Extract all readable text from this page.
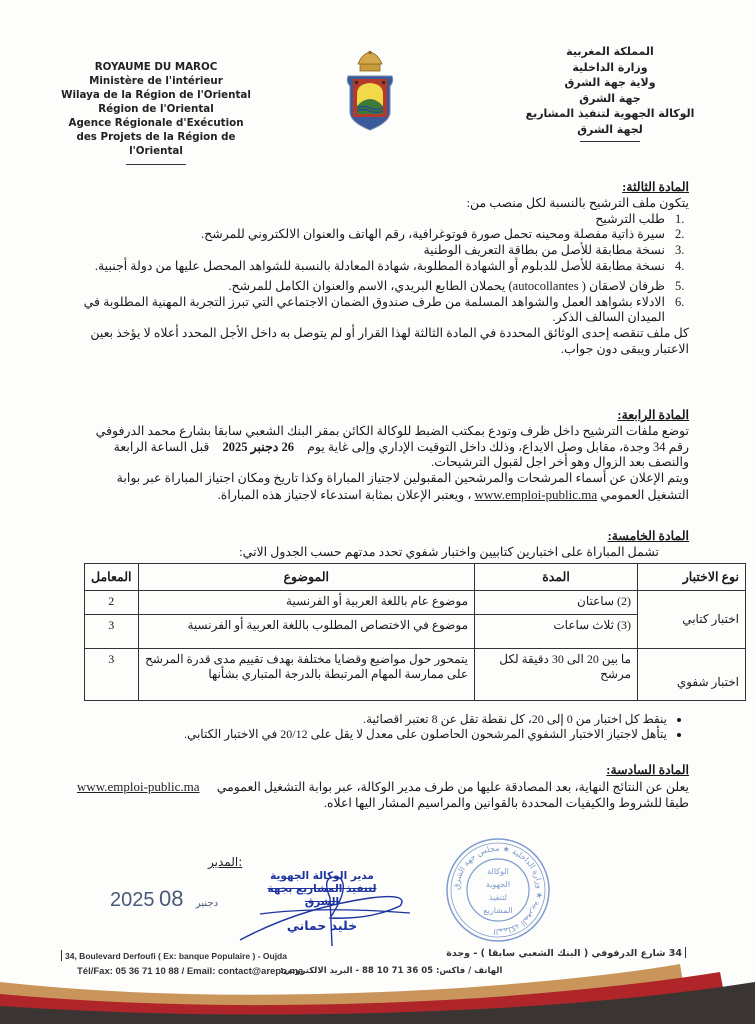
ROYAUME DU MAROC
Ministère de l'intérieur
Wilaya de la Région de l'Oriental
Région de l'Oriental
Agence Régionale d'Exécution
des Projets de la Région de l'Oriental
المملكة المغربية
وزارة الداخلية
ولاية جهة الشرق
جهة الشرق
الوكالة الجهوية لتنفيذ المشاريع
لجهة الشرق
المادة الثالثة:
يتكون ملف الترشيح بالنسبة لكل منصب من:
1.
طلب الترشيح
2.
سيرة ذاتية مفصلة ومحينه تحمل صورة فوتوغرافية، رقم الهاتف والعنوان الالكتروني للمرشح.
3.
نسخة مطابقة للأصل من بطاقة التعريف الوطنية
4.
نسخة مطابقة للأصل للدبلوم أو الشهادة المطلوبة، شهادة المعادلة بالنسبة للشواهد المحصل عليها من دولة أجنبية.
5.
ظرفان لاصقان ( autocollantes) يحملان الطابع البريدي، الاسم والعنوان الكامل للمرشح.
6.
الادلاء بشواهد العمل والشواهد المسلمة من طرف صندوق الضمان الاجتماعي التي تبرز التجربة المهنية المطلوبة في الميدان السالف الذكر.
كل ملف تنقصه إحدى الوثائق المحددة في المادة الثالثة لهذا القرار أو لم يتوصل به داخل الأجل المحدد أعلاه لا يؤخذ بعين الاعتبار ويبقى دون جواب.
المادة الرابعة:
توضع ملفات الترشيح داخل ظرف وتودع بمكتب الضبط للوكالة الكائن بمقر البنك الشعبي سابقا بشارع محمد الدرفوفي رقم 34 وجدة، مقابل وصل الايداع، وذلك داخل التوقيت الإداري وإلى غاية يوم 26 دجنبر 2025 قبل الساعة الرابعة والنصف بعد الزوال وهو أخر اجل لقبول الترشيحات.
ويتم الإعلان عن أسماء المرشحات والمرشحين المقبولين لاجتياز المباراة وكذا تاريخ ومكان اجتياز المباراة عبر بوابة التشغيل العمومي www.emploi-public.ma ، ويعتبر الإعلان بمثابة استدعاء لاجتياز هذه المباراة.
المادة الخامسة:
تشمل المباراة على اختبارين كتابيين واختبار شفوي تحدد مدتهم حسب الجدول الاتي:
نوع الاختبار	المدة	الموضوع	المعامل
اختبار كتابي	(2) ساعتان	موضوع عام باللغة العربية أو الفرنسية	2
	(3) ثلاث ساعات	موضوع في الاختصاص المطلوب باللغة العربية أو الفرنسية	3
اختبار شفوي	ما بين 20 الى 30 دقيقة لكل مرشح	يتمحور حول مواضيع وقضايا مختلفة بهدف تقييم مدى قدرة المرشح على ممارسة المهام المرتبطة بالدرجة المتباري بشأنها	3
• ينقط كل اختبار من 0 إلى 20، كل نقطة تقل عن 8 تعتبر اقصائية.
• يتأهل لاجتياز الاختبار الشفوي المرشحون الحاصلون على معدل لا يقل على 20/12 في الاختبار الكتابي.
المادة السادسة:
يعلن عن النتائج النهاية، بعد المصادقة عليها من طرف مدير الوكالة، عبر بوابة التشغيل العمومي www.emploi-public.ma
طبقا للشروط والكيفيات المحددة بالقوانين والمراسيم المشار اليها اعلاه.
المدير:
2025	دجنبر 08
مدير الوكالة الجهوية
لتنفيذ المشاريع بجهة الشرق
خليد حماني
المملكة المغربية ★ وزارة الداخلية ★ مجلس جهة الشرق
الوكالة
الجهوية
لتنفيذ
المشاريع
34, Boulevard Derfoufi ( Ex: banque Populaire ) - Oujda
Tél/Fax: 05 36 71 10 88 / Email: contact@arepo.ma
34 شارع الدرفوفي ( البنك الشعبي سابقا ) - وجدة
الهاتف / فاكس: 05 36 71 10 88 - البريد الالكتروني:
